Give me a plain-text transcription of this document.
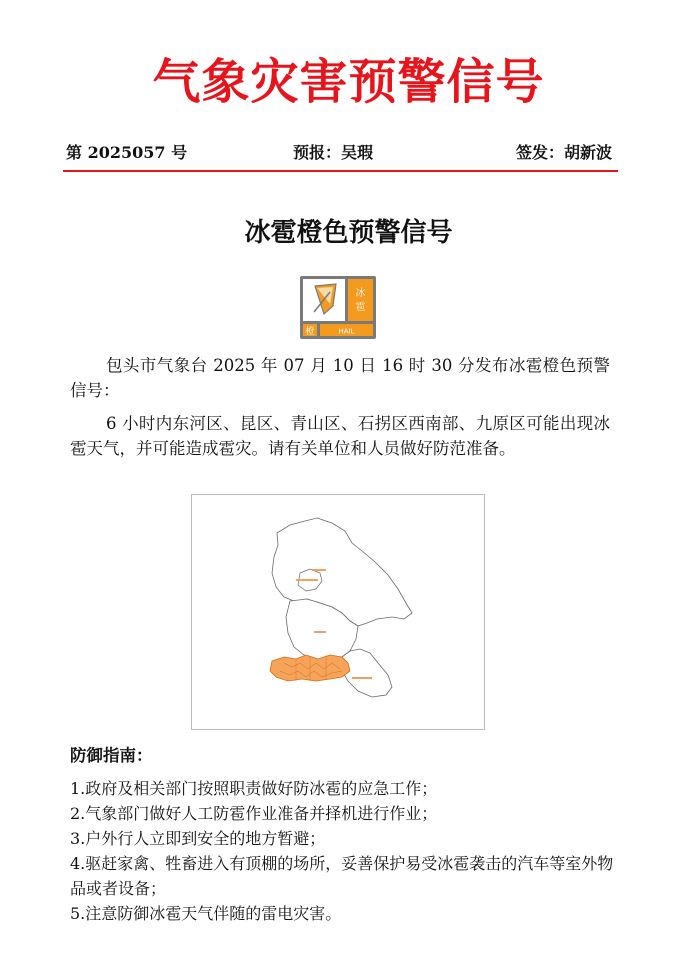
气象灾害预警信号
第 2025057 号	预报：吴瑕	签发：胡新波
冰雹橙色预警信号
冰
雹
橙	HAIL
包头市气象台 2025 年 07 月 10 日 16 时 30 分发布冰雹橙色预警信号：
6 小时内东河区、昆区、青山区、石拐区西南部、九原区可能出现冰雹天气，并可能造成雹灾。请有关单位和人员做好防范准备。
防御指南：
1.政府及相关部门按照职责做好防冰雹的应急工作；
2.气象部门做好人工防雹作业准备并择机进行作业；
3.户外行人立即到安全的地方暂避；
4.驱赶家禽、牲畜进入有顶棚的场所，妥善保护易受冰雹袭击的汽车等室外物品或者设备；
5.注意防御冰雹天气伴随的雷电灾害。
